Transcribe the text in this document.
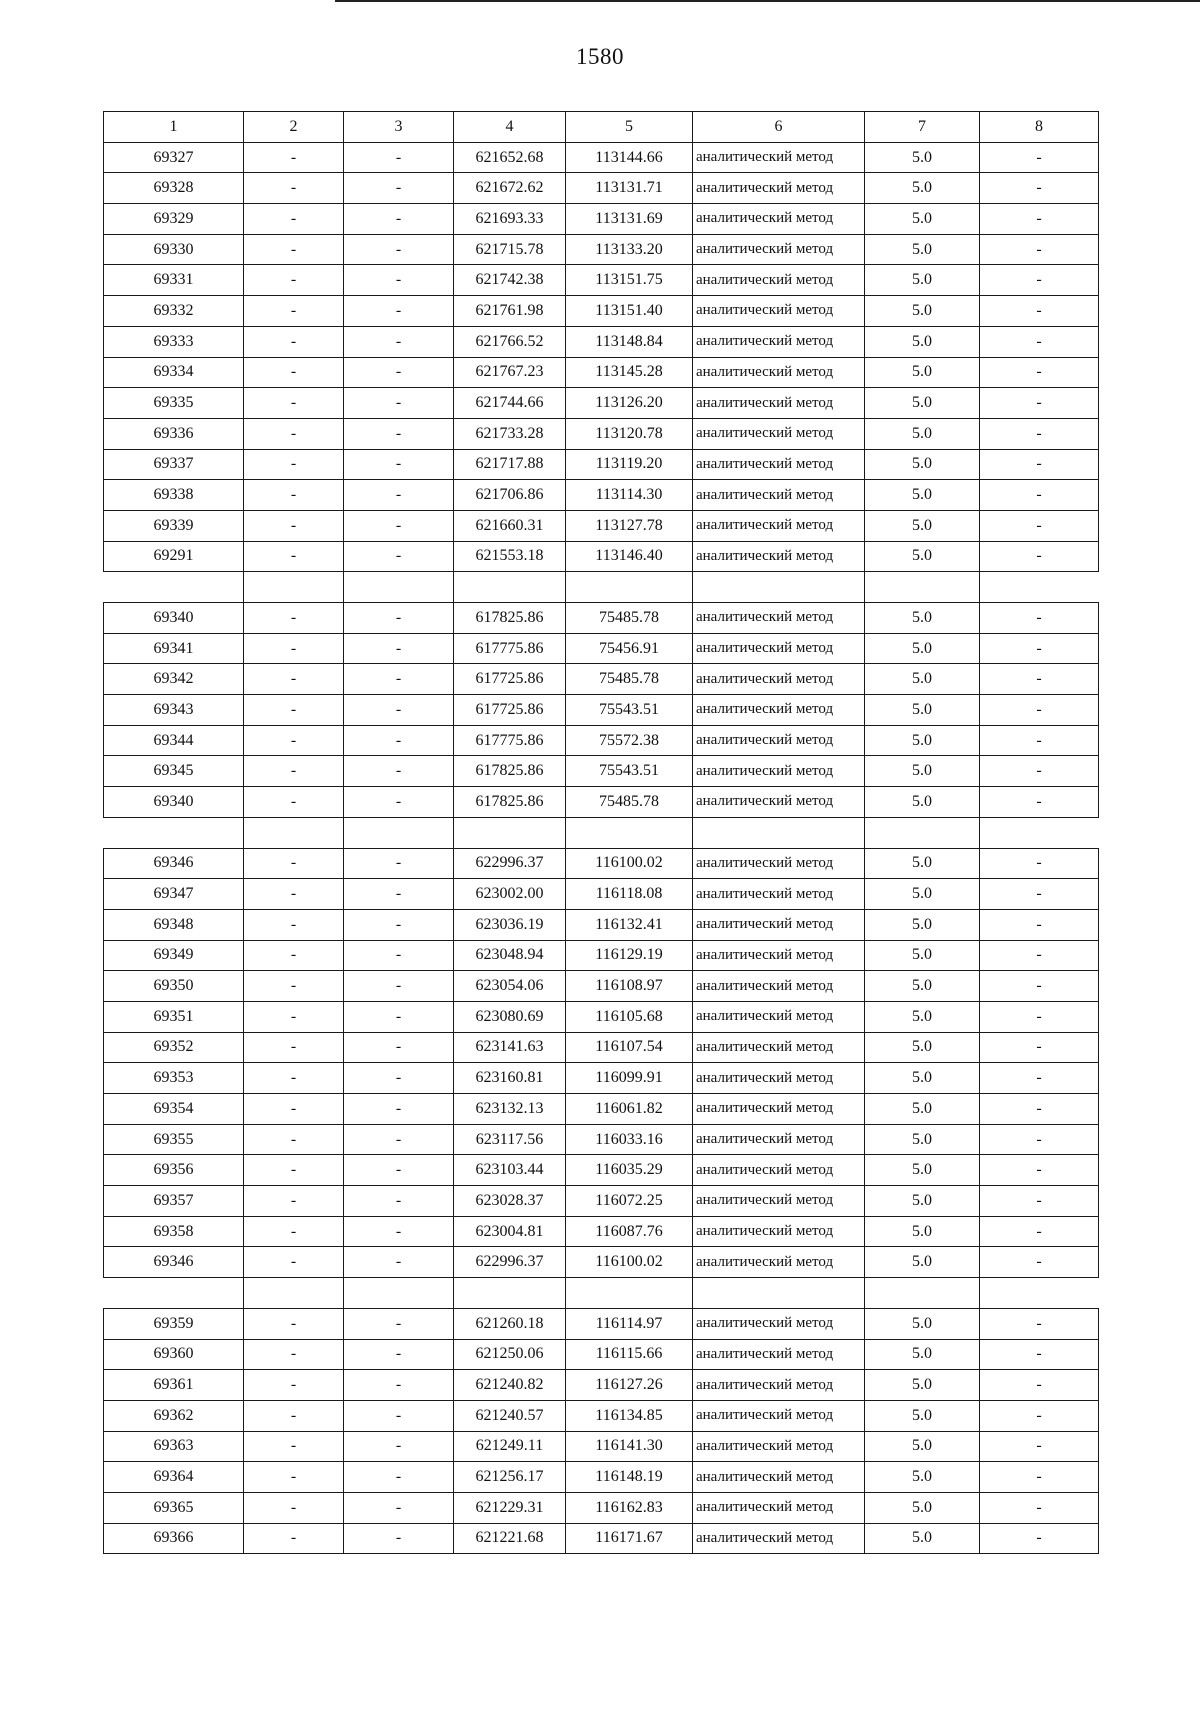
1580
1	2	3	4	5	6	7	8
69327	-	-	621652.68	113144.66	аналитический метод	5.0	-
69328	-	-	621672.62	113131.71	аналитический метод	5.0	-
69329	-	-	621693.33	113131.69	аналитический метод	5.0	-
69330	-	-	621715.78	113133.20	аналитический метод	5.0	-
69331	-	-	621742.38	113151.75	аналитический метод	5.0	-
69332	-	-	621761.98	113151.40	аналитический метод	5.0	-
69333	-	-	621766.52	113148.84	аналитический метод	5.0	-
69334	-	-	621767.23	113145.28	аналитический метод	5.0	-
69335	-	-	621744.66	113126.20	аналитический метод	5.0	-
69336	-	-	621733.28	113120.78	аналитический метод	5.0	-
69337	-	-	621717.88	113119.20	аналитический метод	5.0	-
69338	-	-	621706.86	113114.30	аналитический метод	5.0	-
69339	-	-	621660.31	113127.78	аналитический метод	5.0	-
69291	-	-	621553.18	113146.40	аналитический метод	5.0	-

69340	-	-	617825.86	75485.78	аналитический метод	5.0	-
69341	-	-	617775.86	75456.91	аналитический метод	5.0	-
69342	-	-	617725.86	75485.78	аналитический метод	5.0	-
69343	-	-	617725.86	75543.51	аналитический метод	5.0	-
69344	-	-	617775.86	75572.38	аналитический метод	5.0	-
69345	-	-	617825.86	75543.51	аналитический метод	5.0	-
69340	-	-	617825.86	75485.78	аналитический метод	5.0	-

69346	-	-	622996.37	116100.02	аналитический метод	5.0	-
69347	-	-	623002.00	116118.08	аналитический метод	5.0	-
69348	-	-	623036.19	116132.41	аналитический метод	5.0	-
69349	-	-	623048.94	116129.19	аналитический метод	5.0	-
69350	-	-	623054.06	116108.97	аналитический метод	5.0	-
69351	-	-	623080.69	116105.68	аналитический метод	5.0	-
69352	-	-	623141.63	116107.54	аналитический метод	5.0	-
69353	-	-	623160.81	116099.91	аналитический метод	5.0	-
69354	-	-	623132.13	116061.82	аналитический метод	5.0	-
69355	-	-	623117.56	116033.16	аналитический метод	5.0	-
69356	-	-	623103.44	116035.29	аналитический метод	5.0	-
69357	-	-	623028.37	116072.25	аналитический метод	5.0	-
69358	-	-	623004.81	116087.76	аналитический метод	5.0	-
69346	-	-	622996.37	116100.02	аналитический метод	5.0	-

69359	-	-	621260.18	116114.97	аналитический метод	5.0	-
69360	-	-	621250.06	116115.66	аналитический метод	5.0	-
69361	-	-	621240.82	116127.26	аналитический метод	5.0	-
69362	-	-	621240.57	116134.85	аналитический метод	5.0	-
69363	-	-	621249.11	116141.30	аналитический метод	5.0	-
69364	-	-	621256.17	116148.19	аналитический метод	5.0	-
69365	-	-	621229.31	116162.83	аналитический метод	5.0	-
69366	-	-	621221.68	116171.67	аналитический метод	5.0	-
